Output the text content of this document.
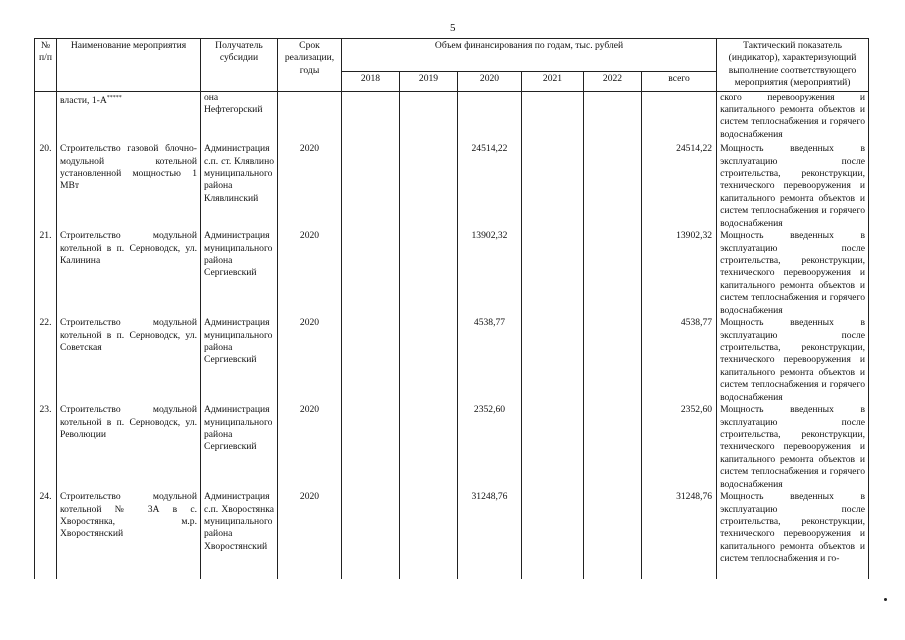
5
№ п/п	Наименование мероприятия	Получатель субсидии	Срок реализации, годы	Объем финансирования по годам, тыс. рублей						Тактический показатель (индикатор), характеризующий выполнение соответствующего мероприятия (мероприятий)
				2018	2019	2020	2021	2022	всего	
	власти, 1-А*****	она Нефтегорский								ского перевооружения и капитального ремонта объектов и систем теплоснабжения и горячего водоснабжения
20.	Строительство газовой блочно-модульной котельной установленной мощностью 1 МВт	Администрация с.п. ст. Клявлино муниципального района Клявлинский	2020			24514,22			24514,22	Мощность введенных в эксплуатацию после строительства, реконструкции, технического перевооружения и капитального ремонта объектов и систем теплоснабжения и горячего водоснабжения
21.	Строительство модульной котельной в п. Серноводск, ул. Калинина	Администрация муниципального района Сергиевский	2020			13902,32			13902,32	Мощность введенных в эксплуатацию после строительства, реконструкции, технического перевооружения и капитального ремонта объектов и систем теплоснабжения и горячего водоснабжения
22.	Строительство модульной котельной в п. Серноводск, ул. Советская	Администрация муниципального района Сергиевский	2020			4538,77			4538,77	Мощность введенных в эксплуатацию после строительства, реконструкции, технического перевооружения и капитального ремонта объектов и систем теплоснабжения и горячего водоснабжения
23.	Строительство модульной котельной в п. Серноводск, ул. Революции	Администрация муниципального района Сергиевский	2020			2352,60			2352,60	Мощность введенных в эксплуатацию после строительства, реконструкции, технического перевооружения и капитального ремонта объектов и систем теплоснабжения и горячего водоснабжения
24.	Строительство модульной котельной № 3А в с. Хворостянка, м.р. Хворостянский	Администрация с.п. Хворостянка муниципального района Хворостянский	2020			31248,76			31248,76	Мощность введенных в эксплуатацию после строительства, реконструкции, технического перевооружения и капитального ремонта объектов и систем теплоснабжения и го-
